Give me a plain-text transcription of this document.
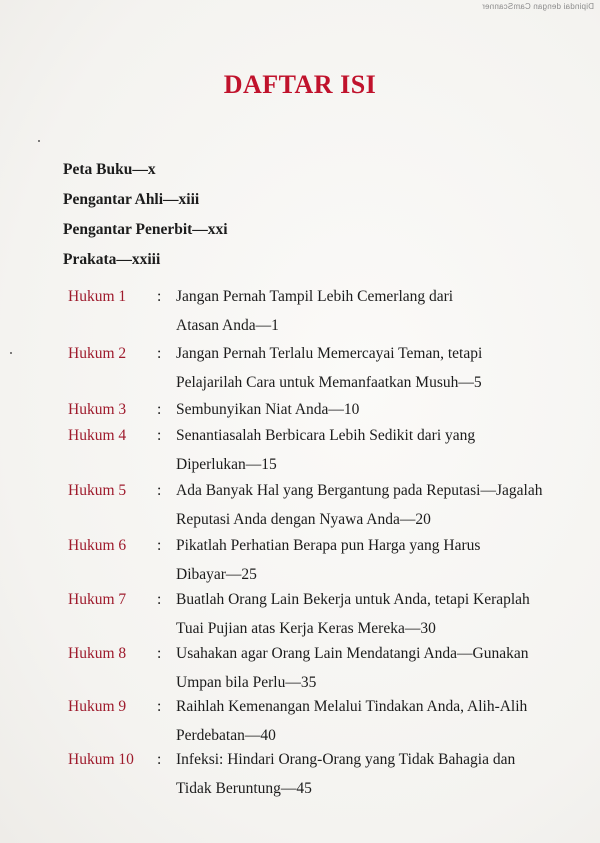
Dipindai dengan CamScanner
DAFTAR ISI
Peta Buku—x
Pengantar Ahli—xiii
Pengantar Penerbit—xxi
Prakata—xxiii
Hukum 1 : Jangan Pernah Tampil Lebih Cemerlang dari
Atasan Anda—1
Hukum 2 : Jangan Pernah Terlalu Memercayai Teman, tetapi
Pelajarilah Cara untuk Memanfaatkan Musuh—5
Hukum 3 : Sembunyikan Niat Anda—10
Hukum 4 : Senantiasalah Berbicara Lebih Sedikit dari yang
Diperlukan—15
Hukum 5 : Ada Banyak Hal yang Bergantung pada Reputasi—Jagalah
Reputasi Anda dengan Nyawa Anda—20
Hukum 6 : Pikatlah Perhatian Berapa pun Harga yang Harus
Dibayar—25
Hukum 7 : Buatlah Orang Lain Bekerja untuk Anda, tetapi Keraplah
Tuai Pujian atas Kerja Keras Mereka—30
Hukum 8 : Usahakan agar Orang Lain Mendatangi Anda—Gunakan
Umpan bila Perlu—35
Hukum 9 : Raihlah Kemenangan Melalui Tindakan Anda, Alih-Alih
Perdebatan—40
Hukum 10 : Infeksi: Hindari Orang-Orang yang Tidak Bahagia dan
Tidak Beruntung—45
